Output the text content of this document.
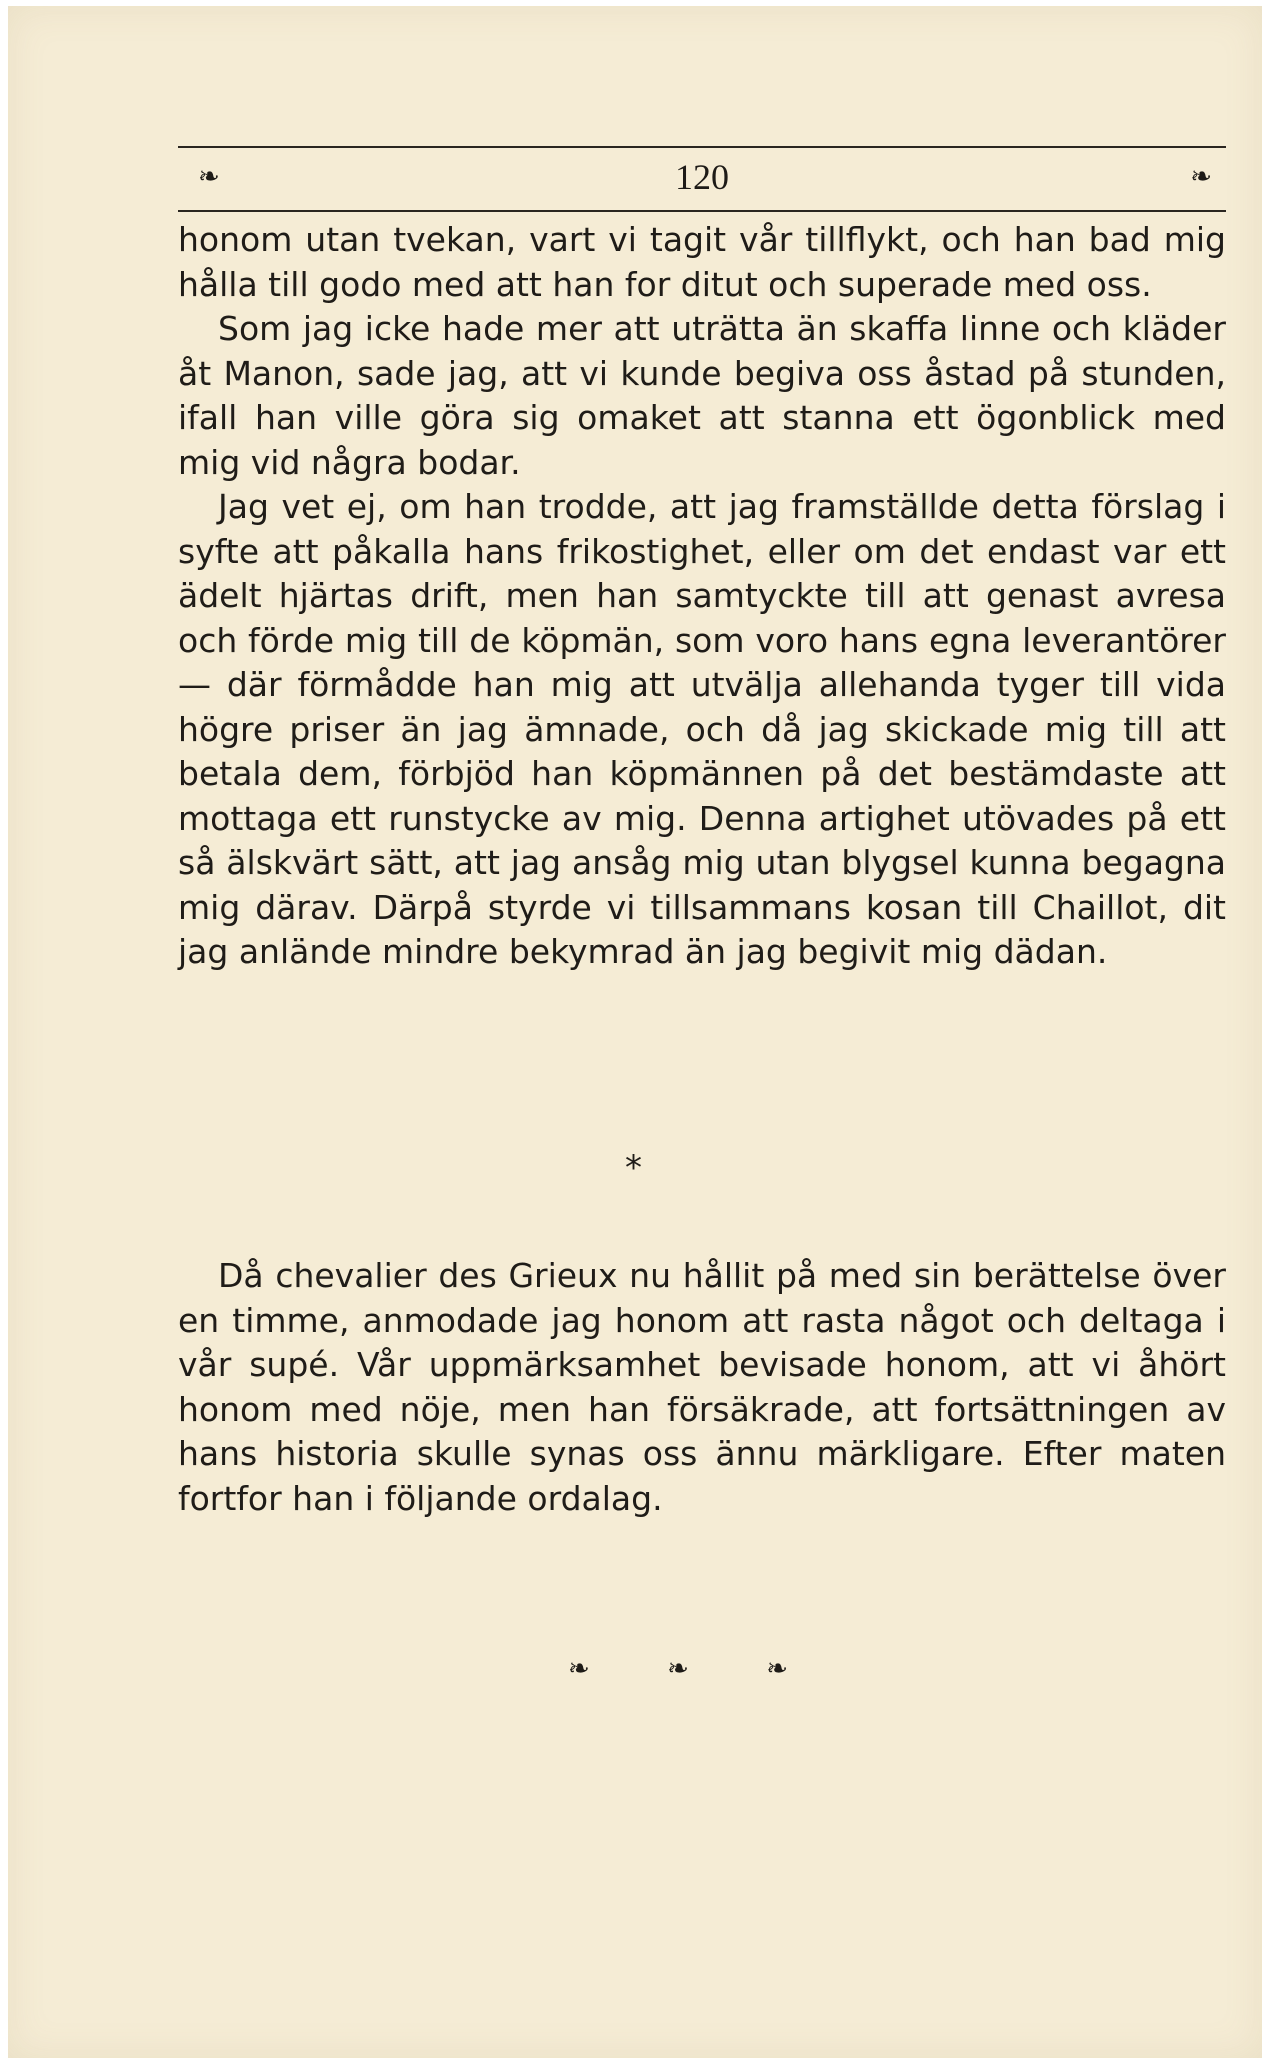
❧	120	❧

honom utan tvekan, vart vi tagit vår tillflykt, och han bad mig hålla till godo med att han for ditut och superade med oss.

Som jag icke hade mer att uträtta än skaffa linne och kläder åt Manon, sade jag, att vi kunde begiva oss åstad på stunden, ifall han ville göra sig omaket att stanna ett ögonblick med mig vid några bodar.

Jag vet ej, om han trodde, att jag framställde detta förslag i syfte att påkalla hans frikostighet, eller om det endast var ett ädelt hjärtas drift, men han samtyckte till att genast avresa och förde mig till de köpmän, som voro hans egna leverantörer — där förmådde han mig att utvälja allehanda tyger till vida högre priser än jag ämnade, och då jag skickade mig till att betala dem, förbjöd han köpmännen på det bestämdaste att mottaga ett runstycke av mig. Denna artighet utövades på ett så älskvärt sätt, att jag ansåg mig utan blygsel kunna begagna mig därav. Därpå styrde vi tillsammans kosan till Chaillot, dit jag anlände mindre bekymrad än jag begivit mig dädan.

*

Då chevalier des Grieux nu hållit på med sin berättelse över en timme, anmodade jag honom att rasta något och deltaga i vår supé. Vår uppmärksamhet bevisade honom, att vi åhört honom med nöje, men han försäkrade, att fortsättningen av hans historia skulle synas oss ännu märkligare. Efter maten fortfor han i följande ordalag.

❧	❧	❧
